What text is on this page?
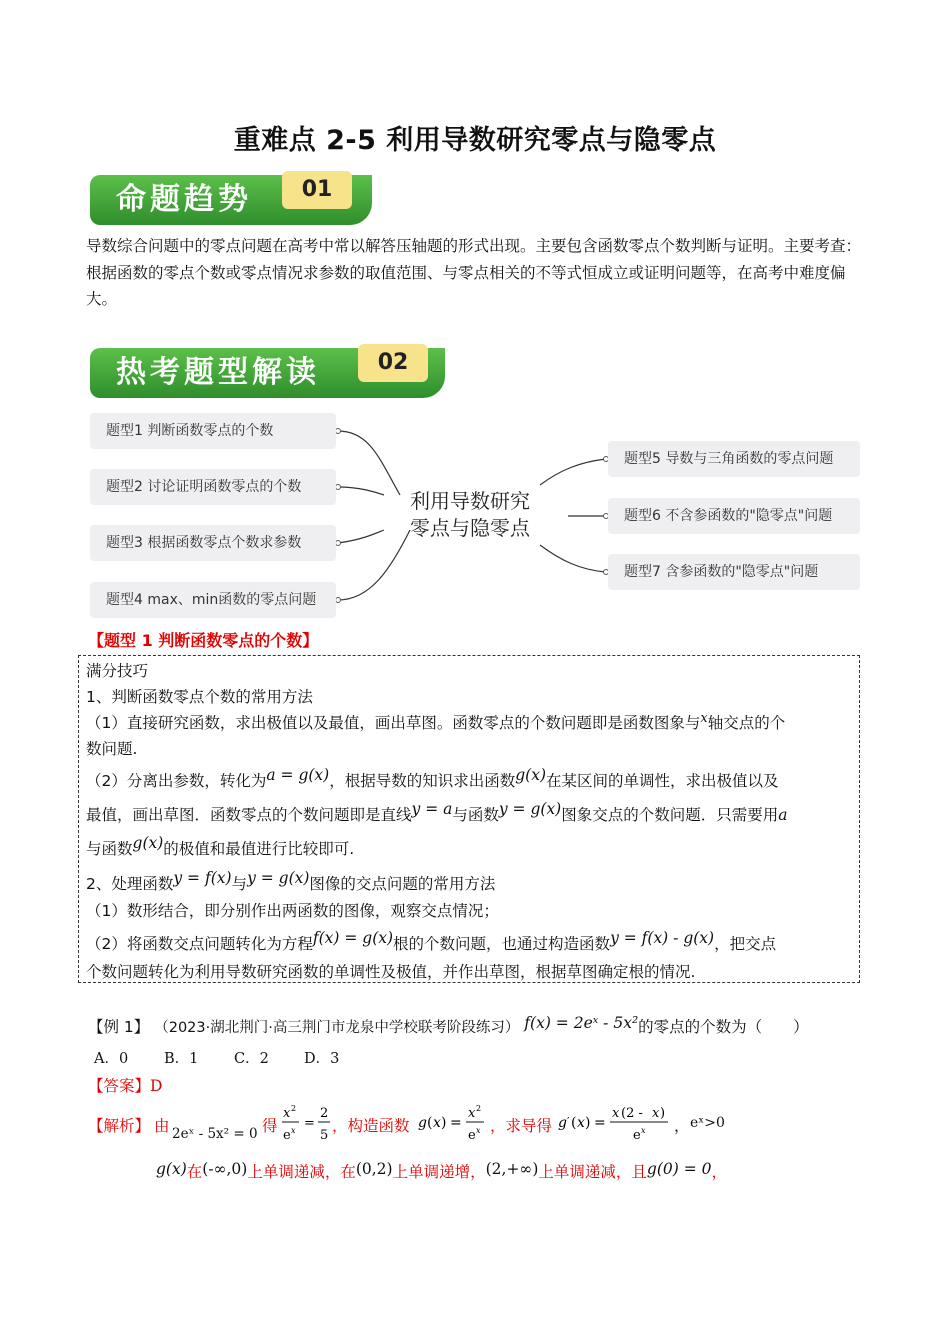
重难点 2-5 利用导数研究零点与隐零点
命题趋势	01
导数综合问题中的零点问题在高考中常以解答压轴题的形式出现。主要包含函数零点个数判断与证明。主要考查：根据函数的零点个数或零点情况求参数的取值范围、与零点相关的不等式恒成立或证明问题等，在高考中难度偏大。
热考题型解读	02
题型1 判断函数零点的个数
题型2 讨论证明函数零点的个数
题型3 根据函数零点个数求参数
题型4 max、min函数的零点问题
利用导数研究
零点与隐零点
题型5 导数与三角函数的零点问题
题型6 不含参函数的"隐零点"问题
题型7 含参函数的"隐零点"问题
【题型 1 判断函数零点的个数】
满分技巧
1、判断函数零点个数的常用方法
（1）直接研究函数，求出极值以及最值，画出草图。函数零点的个数问题即是函数图象与$^x$轴交点的个
数问题.
（2）分离出参数，转化为a = g(x)，根据导数的知识求出函数g(x)在某区间的单调性，求出极值以及
最值，画出草图．函数零点的个数问题即是直线y = a与函数y = g(x)图象交点的个数问题．只需要用a
与函数g(x)的极值和最值进行比较即可.
2、处理函数y = f(x)与y = g(x)图像的交点问题的常用方法
（1）数形结合，即分别作出两函数的图像，观察交点情况；
（2）将函数交点问题转化为方程f(x) = g(x)根的个数问题，也通过构造函数y = f(x) - g(x)，把交点
个数问题转化为利用导数研究函数的单调性及极值，并作出草图，根据草图确定根的情况.
【例 1】 （2023·湖北荆门·高三荆门市龙泉中学校联考阶段练习） f(x) = 2eˣ - 5x²的零点的个数为（　　）
A．0 B．1 C．2 D．3
【答案】D
【解析】 由 2eˣ - 5x² = 0 得
x 2
e x =
2
5
，构造函数 g ( x ) =
x 2
e x ，求导得 g ′ ( x ) =
x (2 - x )
e x ， eˣ>0
g(x)在(-∞,0)上单调递减，在(0,2)上单调递增，(2,+∞)上单调递减，且g(0) = 0，
